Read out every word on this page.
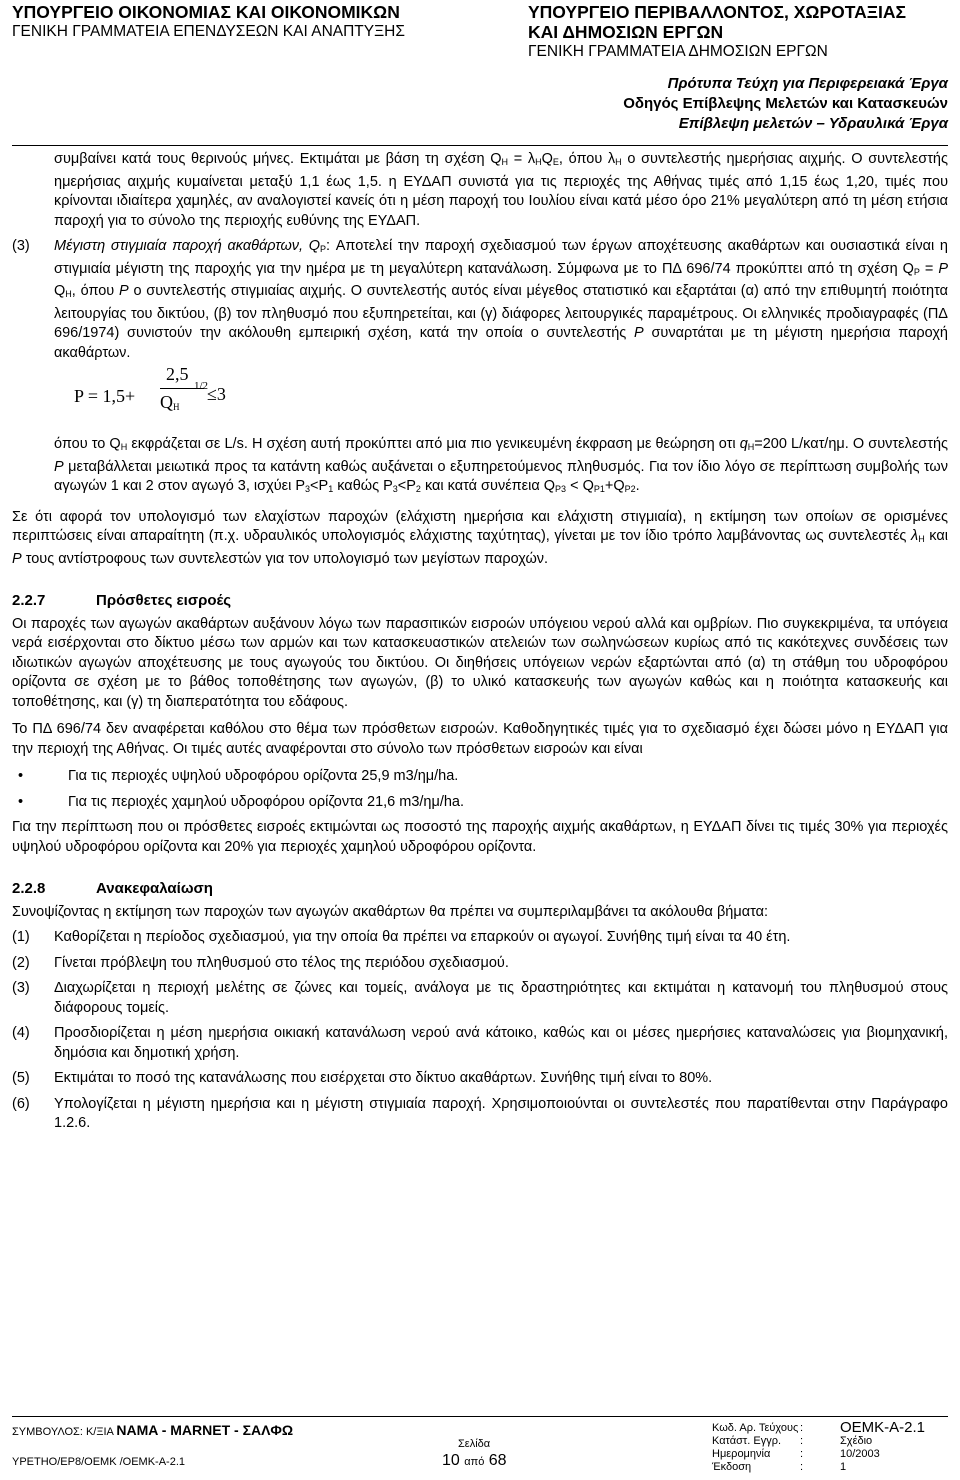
ΥΠΟΥΡΓΕΙΟ ΟΙΚΟΝΟΜΙΑΣ ΚΑΙ ΟΙΚΟΝΟΜΙΚΩΝ
ΓΕΝΙΚΗ ΓΡΑΜΜΑΤΕΙΑ ΕΠΕΝΔΥΣΕΩΝ ΚΑΙ ΑΝΑΠΤΥΞΗΣ
ΥΠΟΥΡΓΕΙΟ ΠΕΡΙΒΑΛΛΟΝΤΟΣ, ΧΩΡΟΤΑΞΙΑΣ
ΚΑΙ ΔΗΜΟΣΙΩΝ ΕΡΓΩΝ
ΓΕΝΙΚΗ ΓΡΑΜΜΑΤΕΙΑ ΔΗΜΟΣΙΩΝ ΕΡΓΩΝ
Πρότυπα Τεύχη για Περιφερειακά Έργα
Οδηγός Επίβλεψης Μελετών και Κατασκευών
Επίβλεψη μελετών – Υδραυλικά Έργα
συμβαίνει κατά τους θερινούς μήνες. Εκτιμάται με βάση τη σχέση $Q_H = \lambda_HQ_E$, όπου $\lambda_H$ ο συντελεστής ημερήσιας αιχμής. Ο συντελεστής ημερήσιας αιχμής κυμαίνεται μεταξύ 1,1 έως 1,5. η ΕΥΔΑΠ συνιστά για τις περιοχές της Αθήνας τιμές από 1,15 έως 1,20, τιμές που κρίνονται ιδιαίτερα χαμηλές, αν αναλογιστεί κανείς ότι η μέση παροχή του Ιουλίου είναι κατά μέσο όρο 21% μεγαλύτερη από τη μέση ετήσια παροχή για το σύνολο της περιοχής ευθύνης της ΕΥΔΑΠ.
(3)	Μέγιστη στιγμιαία παροχή ακαθάρτων, $Q_P$: Αποτελεί την παροχή σχεδιασμού των έργων αποχέτευσης ακαθάρτων και ουσιαστικά είναι η στιγμιαία μέγιστη της παροχής για την ημέρα με τη μεγαλύτερη κατανάλωση. Σύμφωνα με το ΠΔ 696/74 προκύπτει από τη σχέση $Q_P = P$ $Q_H$, όπου P ο συντελεστής στιγμιαίας αιχμής. Ο συντελεστής αυτός είναι μέγεθος στατιστικό και εξαρτάται (α) από την επιθυμητή ποιότητα λειτουργίας του δικτύου, (β) τον πληθυσμό που εξυπηρετείται, και (γ) διάφορες λειτουργικές παραμέτρους. Οι ελληνικές προδιαγραφές (ΠΔ 696/1974) συνιστούν την ακόλουθη εμπειρική σχέση, κατά την οποία ο συντελεστής P συναρτάται με τη μέγιστη ημερήσια παροχή ακαθάρτων.
P = 1,5+
2,5
$Q_H$
1/2
≤3
όπου το $Q_H$ εκφράζεται σε L/s. Η σχέση αυτή προκύπτει από μια πιο γενικευμένη έκφραση με θεώρηση οτι $q_H=200$ L/κατ/ημ. Ο συντελεστής P μεταβάλλεται μειωτικά προς τα κατάντη καθώς αυξάνεται ο εξυπηρετούμενος πληθυσμός. Για τον ίδιο λόγο σε περίπτωση συμβολής των αγωγών 1 και 2 στον αγωγό 3, ισχύει $P_3<P_1$ καθώς $P_3<P_2$ και κατά συνέπεια $Q_{P3} < Q_{P1}+Q_{P2}$.
Σε ότι αφορά τον υπολογισμό των ελαχίστων παροχών (ελάχιστη ημερήσια και ελάχιστη στιγμιαία), η εκτίμηση των οποίων σε ορισμένες περιπτώσεις είναι απαραίτητη (π.χ. υδραυλικός υπολογισμός ελάχιστης ταχύτητας), γίνεται με τον ίδιο τρόπο λαμβάνοντας ως συντελεστές $\lambda_H$ και P τους αντίστροφους των συντελεστών για τον υπολογισμό των μεγίστων παροχών.
2.2.7	Πρόσθετες εισροές
Οι παροχές των αγωγών ακαθάρτων αυξάνουν λόγω των παρασιτικών εισροών υπόγειου νερού αλλά και ομβρίων. Πιο συγκεκριμένα, τα υπόγεια νερά εισέρχονται στο δίκτυο μέσω των αρμών και των κατασκευαστικών ατελειών των σωληνώσεων κυρίως από τις κακότεχνες συνδέσεις των ιδιωτικών αγωγών αποχέτευσης με τους αγωγούς του δικτύου. Οι διηθήσεις υπόγειων νερών εξαρτώνται από (α) τη στάθμη του υδροφόρου ορίζοντα σε σχέση με το βάθος τοποθέτησης των αγωγών, (β) το υλικό κατασκευής των αγωγών καθώς και η ποιότητα κατασκευής και τοποθέτησης, και (γ) τη διαπερατότητα του εδάφους.
Το ΠΔ 696/74 δεν αναφέρεται καθόλου στο θέμα των πρόσθετων εισροών. Καθοδηγητικές τιμές για το σχεδιασμό έχει δώσει μόνο η ΕΥΔΑΠ για την περιοχή της Αθήνας. Οι τιμές αυτές αναφέρονται στο σύνολο των πρόσθετων εισροών και είναι
•	Για τις περιοχές υψηλού υδροφόρου ορίζοντα 25,9 m3/ημ/ha.
•	Για τις περιοχές χαμηλού υδροφόρου ορίζοντα 21,6 m3/ημ/ha.
Για την περίπτωση που οι πρόσθετες εισροές εκτιμώνται ως ποσοστό της παροχής αιχμής ακαθάρτων, η ΕΥΔΑΠ δίνει τις τιμές 30% για περιοχές υψηλού υδροφόρου ορίζοντα και 20% για περιοχές χαμηλού υδροφόρου ορίζοντα.
2.2.8	Ανακεφαλαίωση
Συνοψίζοντας η εκτίμηση των παροχών των αγωγών ακαθάρτων θα πρέπει να συμπεριλαμβάνει τα ακόλουθα βήματα:
(1)	Καθορίζεται η περίοδος σχεδιασμού, για την οποία θα πρέπει να επαρκούν οι αγωγοί. Συνήθης τιμή είναι τα 40 έτη.
(2)	Γίνεται πρόβλεψη του πληθυσμού στο τέλος της περιόδου σχεδιασμού.
(3)	Διαχωρίζεται η περιοχή μελέτης σε ζώνες και τομείς, ανάλογα με τις δραστηριότητες και εκτιμάται η κατανομή του πληθυσμού στους διάφορους τομείς.
(4)	Προσδιορίζεται η μέση ημερήσια οικιακή κατανάλωση νερού ανά κάτοικο, καθώς και οι μέσες ημερήσιες καταναλώσεις για βιομηχανική, δημόσια και δημοτική χρήση.
(5)	Εκτιμάται το ποσό της κατανάλωσης που εισέρχεται στο δίκτυο ακαθάρτων. Συνήθης τιμή είναι το 80%.
(6)	Υπολογίζεται η μέγιστη ημερήσια και η μέγιστη στιγμιαία παροχή. Χρησιμοποιούνται οι συντελεστές που παρατίθενται στην Παράγραφο 1.2.6.
ΣΥΜΒΟΥΛΟΣ: Κ/ΞΙΑ NAMA - MARNET - ΣΑΛΦΩ
ΥΡΕΤΗΟ/ΕΡ8/ΟΕΜΚ /ΟΕΜΚ-Α-2.1
Σελίδα
10 από 68
Κωδ. Αρ. Τεύχους :	ΟΕΜΚ-Α-2.1
Κατάστ. Εγγρ.	:	Σχέδιο
Ημερομηνία	:	10/2003
Έκδοση	:	1
